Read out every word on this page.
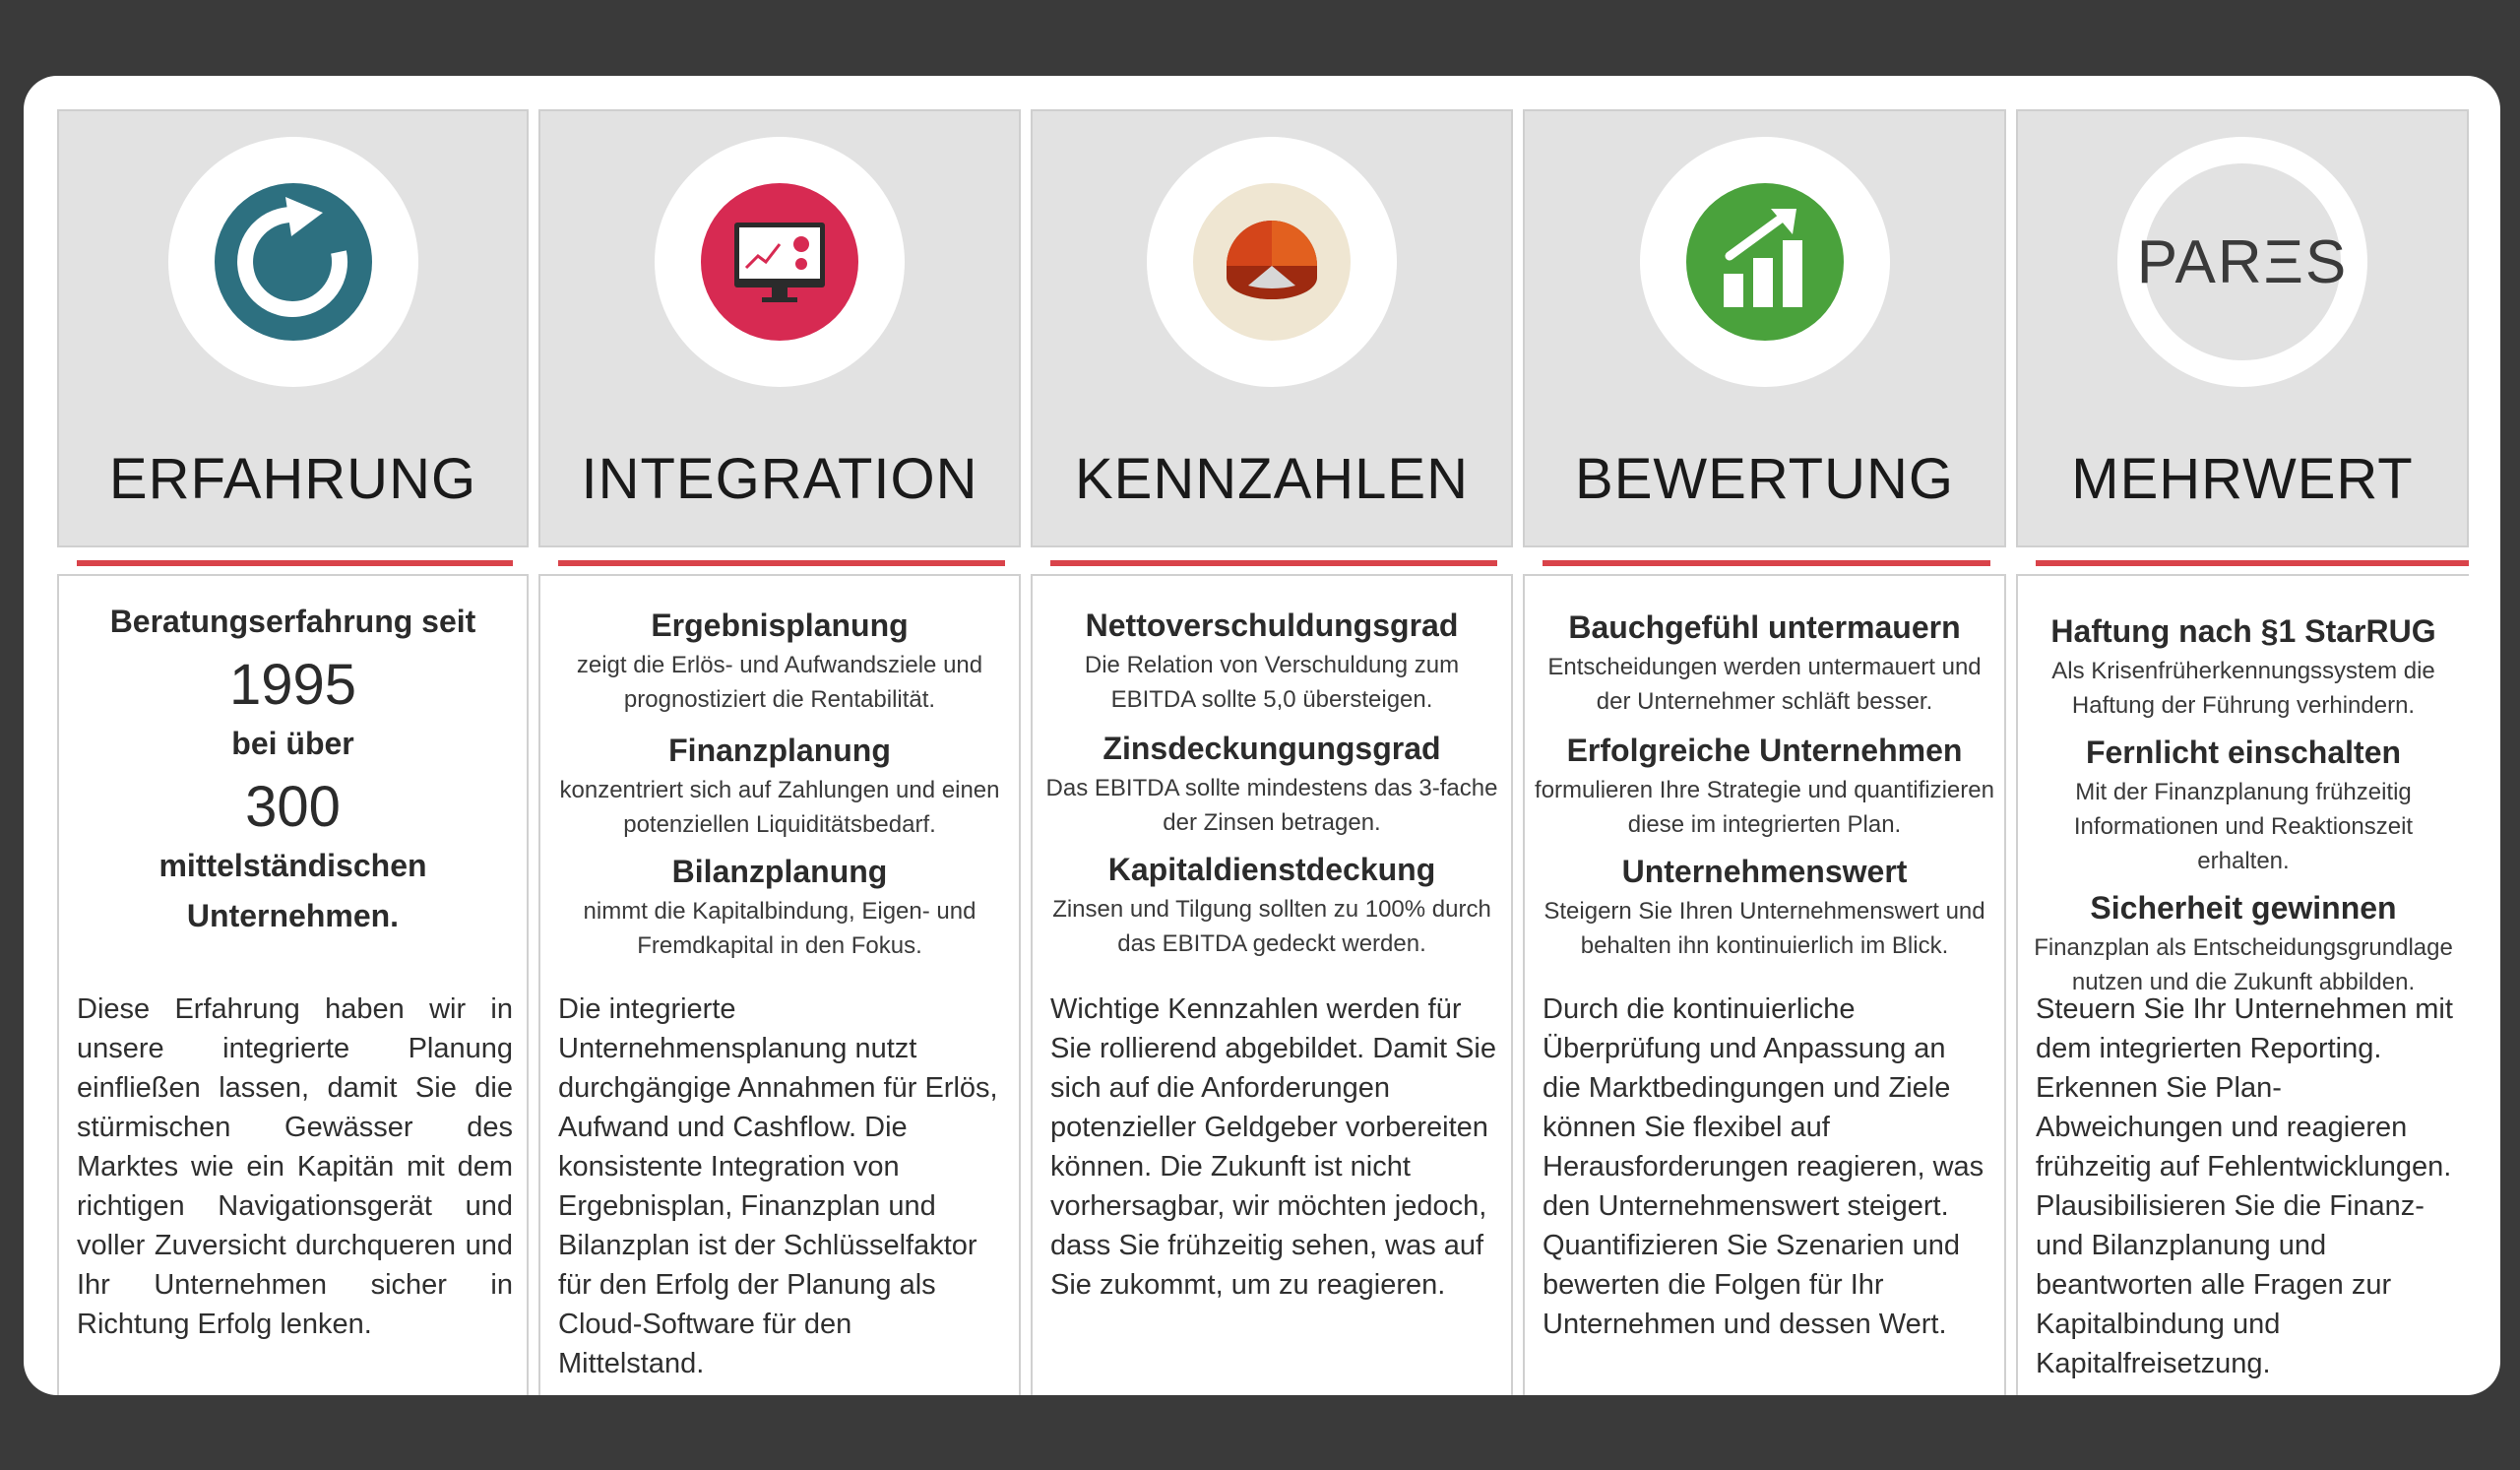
ERFAHRUNG
Beratungserfahrung seit
1995
bei über
300
mittelständischen
Unternehmen.
Diese Erfahrung haben wir in unsere integrierte Planung einfließen lassen, damit Sie die stürmischen Gewässer des Marktes wie ein Kapitän mit dem richtigen Navigationsgerät und voller Zuversicht durchqueren und Ihr Unternehmen sicher in Richtung Erfolg lenken.
INTEGRATION
Ergebnisplanung

zeigt die Erlös- und Aufwandsziele und prognostiziert die Rentabilität.

Finanzplanung

konzentriert sich auf Zahlungen und einen potenziellen Liquiditätsbedarf.

Bilanzplanung

nimmt die Kapitalbindung, Eigen- und Fremdkapital in den Fokus.

Die integrierte Unternehmensplanung nutzt durchgängige Annahmen für Erlös, Aufwand und Cashflow. Die konsistente Integration von Ergebnisplan, Finanzplan und Bilanzplan ist der Schlüsselfaktor für den Erfolg der Planung als Cloud-Software für den Mittelstand.
KENNZAHLEN
Nettoverschuldungsgrad

Die Relation von Verschuldung zum EBITDA sollte 5,0 übersteigen.

Zinsdeckungungsgrad

Das EBITDA sollte mindestens das 3-fache der Zinsen betragen.

Kapitaldienstdeckung

Zinsen und Tilgung sollten zu 100% durch das EBITDA gedeckt werden.

Wichtige Kennzahlen werden für Sie rollierend abgebildet. Damit Sie sich auf die Anforderungen potenzieller Geldgeber vorbereiten können. Die Zukunft ist nicht vorhersagbar, wir möchten jedoch, dass Sie frühzeitig sehen, was auf Sie zukommt, um zu reagieren.
BEWERTUNG
Bauchgefühl untermauern

Entscheidungen werden untermauert und der Unternehmer schläft besser.

Erfolgreiche Unternehmen

formulieren Ihre Strategie und quantifizieren diese im integrierten Plan.

Unternehmenswert

Steigern Sie Ihren Unternehmenswert und behalten ihn kontinuierlich im Blick.

Durch die kontinuierliche Überprüfung und Anpassung an die Marktbedingungen und Ziele können Sie flexibel auf Herausforderungen reagieren, was den Unternehmenswert steigert. Quantifizieren Sie Szenarien und bewerten die Folgen für Ihr Unternehmen und dessen Wert.
PARΞS
MEHRWERT
Haftung nach §1 StarRUG

Als Krisenfrüherkennungssystem die Haftung der Führung verhindern.

Fernlicht einschalten

Mit der Finanzplanung frühzeitig Informationen und Reaktionszeit erhalten.

Sicherheit gewinnen

Finanzplan als Entscheidungsgrundlage nutzen und die Zukunft abbilden.

Steuern Sie Ihr Unternehmen mit dem integrierten Reporting. Erkennen Sie Plan-Abweichungen und reagieren frühzeitig auf Fehlentwicklungen. Plausibilisieren Sie die Finanz- und Bilanzplanung und beantworten alle Fragen zur Kapitalbindung und Kapitalfreisetzung.
